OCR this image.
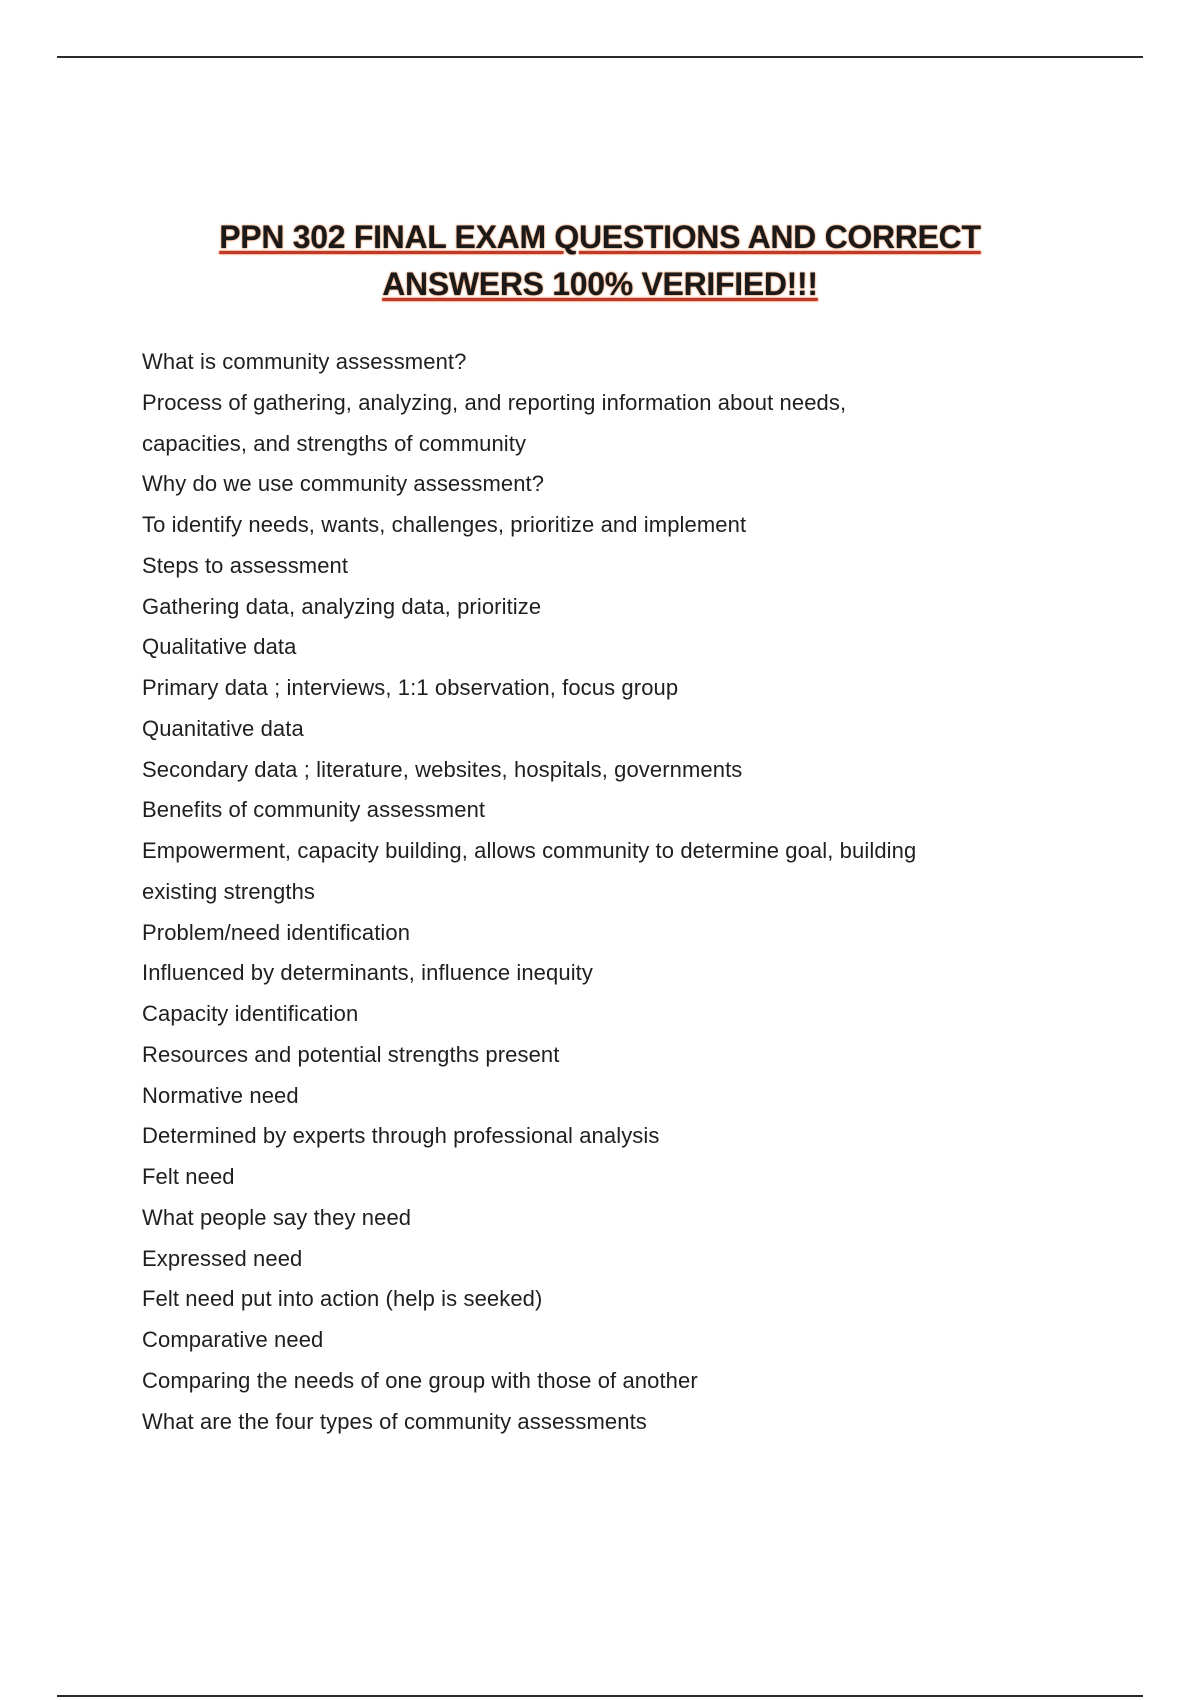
PPN 302 FINAL EXAM QUESTIONS AND CORRECT
ANSWERS 100% VERIFIED!!!
What is community assessment?
Process of gathering, analyzing, and reporting information about needs,
capacities, and strengths of community
Why do we use community assessment?
To identify needs, wants, challenges, prioritize and implement
Steps to assessment
Gathering data, analyzing data, prioritize
Qualitative data
Primary data ; interviews, 1:1 observation, focus group
Quanitative data
Secondary data ; literature, websites, hospitals, governments
Benefits of community assessment
Empowerment, capacity building, allows community to determine goal, building
existing strengths
Problem/need identification
Influenced by determinants, influence inequity
Capacity identification
Resources and potential strengths present
Normative need
Determined by experts through professional analysis
Felt need
What people say they need
Expressed need
Felt need put into action (help is seeked)
Comparative need
Comparing the needs of one group with those of another
What are the four types of community assessments
